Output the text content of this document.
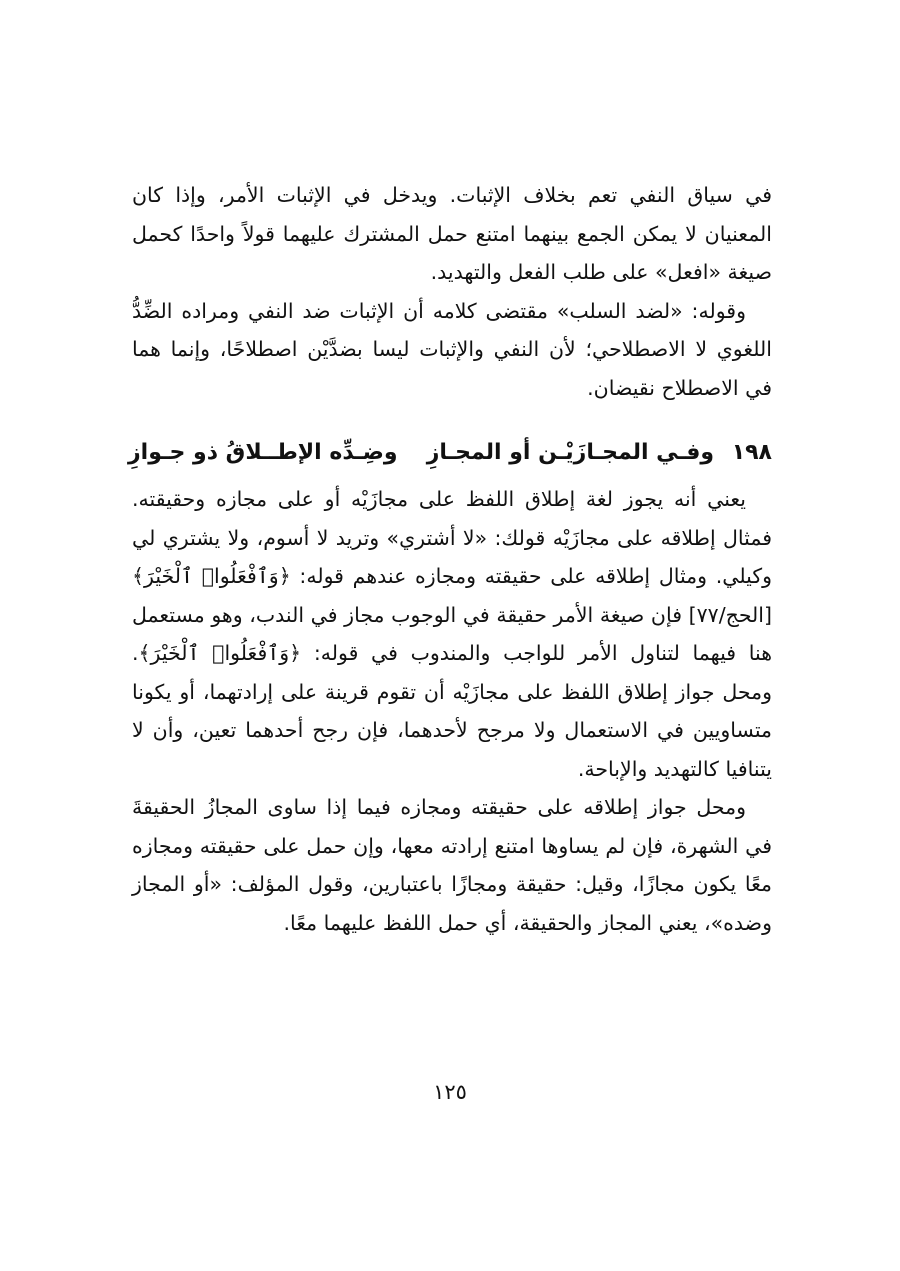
في سياق النفي تعم بخلاف الإثبات. ويدخل في الإثبات الأمر، وإذا كان المعنيان لا يمكن الجمع بينهما امتنع حمل المشترك عليهما قولاً واحدًا كحمل صيغة «افعل» على طلب الفعل والتهديد.

وقوله: «لضد السلب» مقتضى كلامه أن الإثبات ضد النفي ومراده الضِّدُّ اللغوي لا الاصطلاحي؛ لأن النفي والإثبات ليسا بضدَّيْن اصطلاحًا، وإنما هما في الاصطلاح نقيضان.

١٩٨ وفـي المجـازَيْـن أو المجـازِ
وضِـدِّه الإطــلاقُ ذو جـوازِ

يعني أنه يجوز لغة إطلاق اللفظ على مجازَيْه أو على مجازه وحقيقته. فمثال إطلاقه على مجازَيْه قولك: «لا أشتري» وتريد لا أسوم، ولا يشتري لي وكيلي. ومثال إطلاقه على حقيقته ومجازه عندهم قوله: ﴿وَٱفْعَلُوا۟ ٱلْخَيْرَ﴾ [الحج/٧٧] فإن صيغة الأمر حقيقة في الوجوب مجاز في الندب، وهو مستعمل هنا فيهما لتناول الأمر للواجب والمندوب في قوله: ﴿وَٱفْعَلُوا۟ ٱلْخَيْرَ﴾. ومحل جواز إطلاق اللفظ على مجازَيْه أن تقوم قرينة على إرادتهما، أو يكونا متساويين في الاستعمال ولا مرجح لأحدهما، فإن رجح أحدهما تعين، وأن لا يتنافيا كالتهديد والإباحة.

ومحل جواز إطلاقه على حقيقته ومجازه فيما إذا ساوى المجازُ الحقيقةَ في الشهرة، فإن لم يساوها امتنع إرادته معها، وإن حمل على حقيقته ومجازه معًا يكون مجازًا، وقيل: حقيقة ومجازًا باعتبارين، وقول المؤلف: «أو المجاز وضده»، يعني المجاز والحقيقة، أي حمل اللفظ عليهما معًا.

١٢٥
